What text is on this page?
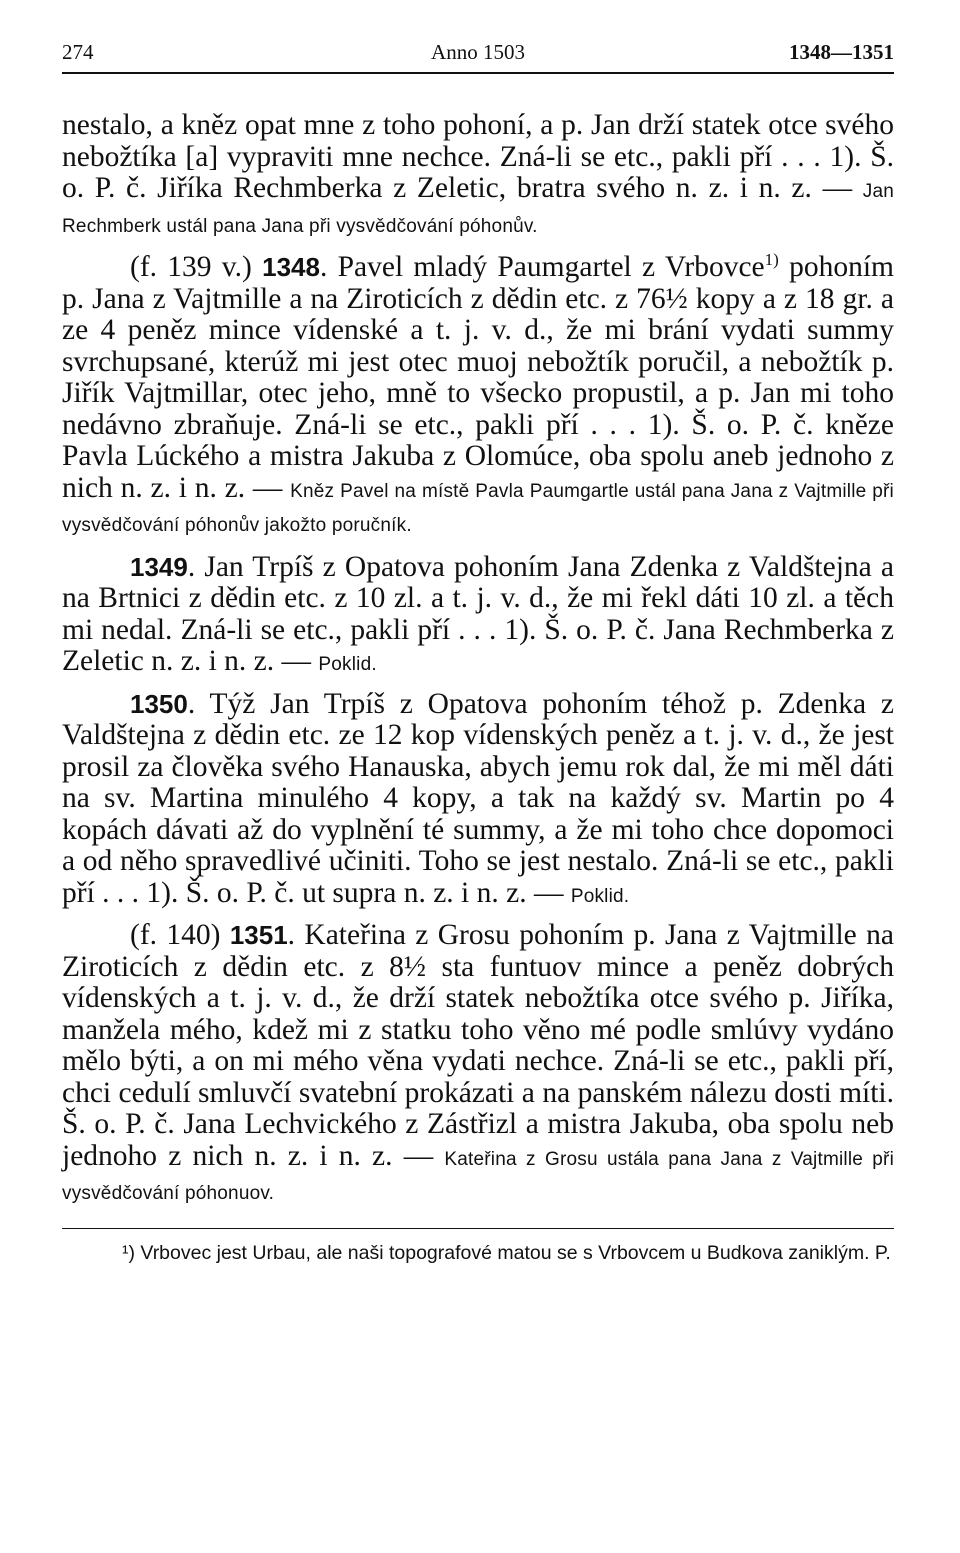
274	Anno 1503	1348—1351

nestalo, a kněz opat mne z toho pohoní, a p. Jan drží statek otce svého nebožtíka [a] vypraviti mne nechce. Zná-li se etc., pakli pří . . . 1). Š. o. P. č. Jiříka Rechmberka z Zeletic, bratra svého n. z. i n. z. — Jan Rechmberk ustál pana Jana při vysvědčování póhonův.

(f. 139 v.) 1348. Pavel mladý Paumgartel z Vrbovce$^{1)}$ pohoním p. Jana z Vajtmille a na Ziroticích z dědin etc. z 76½ kopy a z 18 gr. a ze 4 peněz mince vídenské a t. j. v. d., že mi brání vydati summy svrchupsané, kterúž mi jest otec muoj nebožtík poručil, a nebožtík p. Jiřík Vajtmillar, otec jeho, mně to všecko propustil, a p. Jan mi toho nedávno zbraňuje. Zná-li se etc., pakli pří . . . 1). Š. o. P. č. kněze Pavla Lúckého a mistra Jakuba z Olomúce, oba spolu aneb jednoho z nich n. z. i n. z. — Kněz Pavel na místě Pavla Paumgartle ustál pana Jana z Vajtmille při vysvědčování póhonův jakožto poručník.

1349. Jan Trpíš z Opatova pohoním Jana Zdenka z Valdštejna a na Brtnici z dědin etc. z 10 zl. a t. j. v. d., že mi řekl dáti 10 zl. a těch mi nedal. Zná-li se etc., pakli pří . . . 1). Š. o. P. č. Jana Rechmberka z Zeletic n. z. i n. z. — Poklid.

1350. Týž Jan Trpíš z Opatova pohoním téhož p. Zdenka z Valdštejna z dědin etc. ze 12 kop vídenských peněz a t. j. v. d., že jest prosil za člověka svého Hanauska, abych jemu rok dal, že mi měl dáti na sv. Martina minulého 4 kopy, a tak na každý sv. Martin po 4 kopách dávati až do vyplnění té summy, a že mi toho chce dopomoci a od něho spravedlivé učiniti. Toho se jest nestalo. Zná-li se etc., pakli pří . . . 1). Š. o. P. č. ut supra n. z. i n. z. — Poklid.

(f. 140) 1351. Kateřina z Grosu pohoním p. Jana z Vajtmille na Ziroticích z dědin etc. z 8½ sta funtuov mince a peněz dobrých vídenských a t. j. v. d., že drží statek nebožtíka otce svého p. Jiříka, manžela mého, kdež mi z statku toho věno mé podle smlúvy vydáno mělo býti, a on mi mého věna vydati nechce. Zná-li se etc., pakli pří, chci cedulí smluvčí svatební prokázati a na panském nálezu dosti míti. Š. o. P. č. Jana Lechvického z Zástřizl a mistra Jakuba, oba spolu neb jednoho z nich n. z. i n. z. — Kateřina z Grosu ustála pana Jana z Vajtmille při vysvědčování póhonuov.

¹) Vrbovec jest Urbau, ale naši topografové matou se s Vrbovcem u Budkova zaniklým. P.
